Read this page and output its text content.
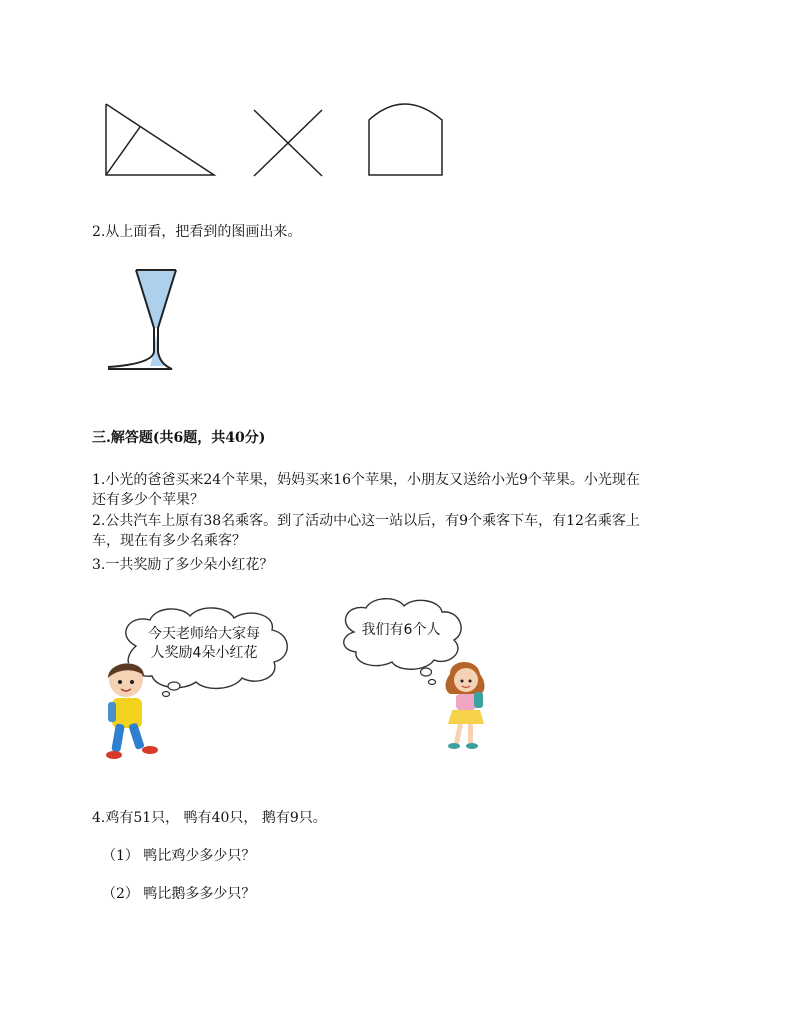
2.从上面看，把看到的图画出来。
三.解答题(共6题，共40分)
1.小光的爸爸买来24个苹果，妈妈买来16个苹果，小朋友又送给小光9个苹果。小光现在
还有多少个苹果？
2.公共汽车上原有38名乘客。到了活动中心这一站以后，有9个乘客下车，有12名乘客上
车，现在有多少名乘客？
3.一共奖励了多少朵小红花？
今天老师给大家每
人奖励4朵小红花
我们有6个人
4.鸡有51只， 鸭有40只， 鹅有9只。
（1） 鸭比鸡少多少只？
（2） 鸭比鹅多多少只？
